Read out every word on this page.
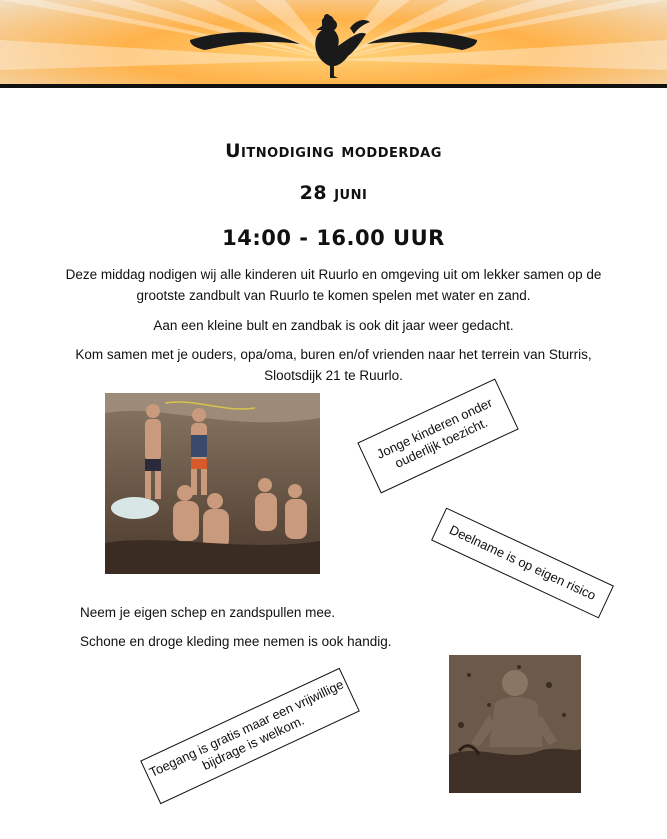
Uitnodiging modderdag
28 juni
14:00 - 16.00 UUR
Deze middag nodigen wij alle kinderen uit Ruurlo en omgeving uit om lekker samen op de grootste zandbult van Ruurlo te komen spelen met water en zand.
Aan een kleine bult en zandbak is ook dit jaar weer gedacht.
Kom samen met je ouders, opa/oma, buren en/of vrienden naar het terrein van Sturris, Slootsdijk 21 te Ruurlo.
Jonge kinderen onder ouderlijk toezicht.
Deelname is op eigen risico
Neem je eigen schep en zandspullen mee.
Schone en droge kleding mee nemen is ook handig.
Toegang is gratis maar een vrijwillige bijdrage is welkom.
